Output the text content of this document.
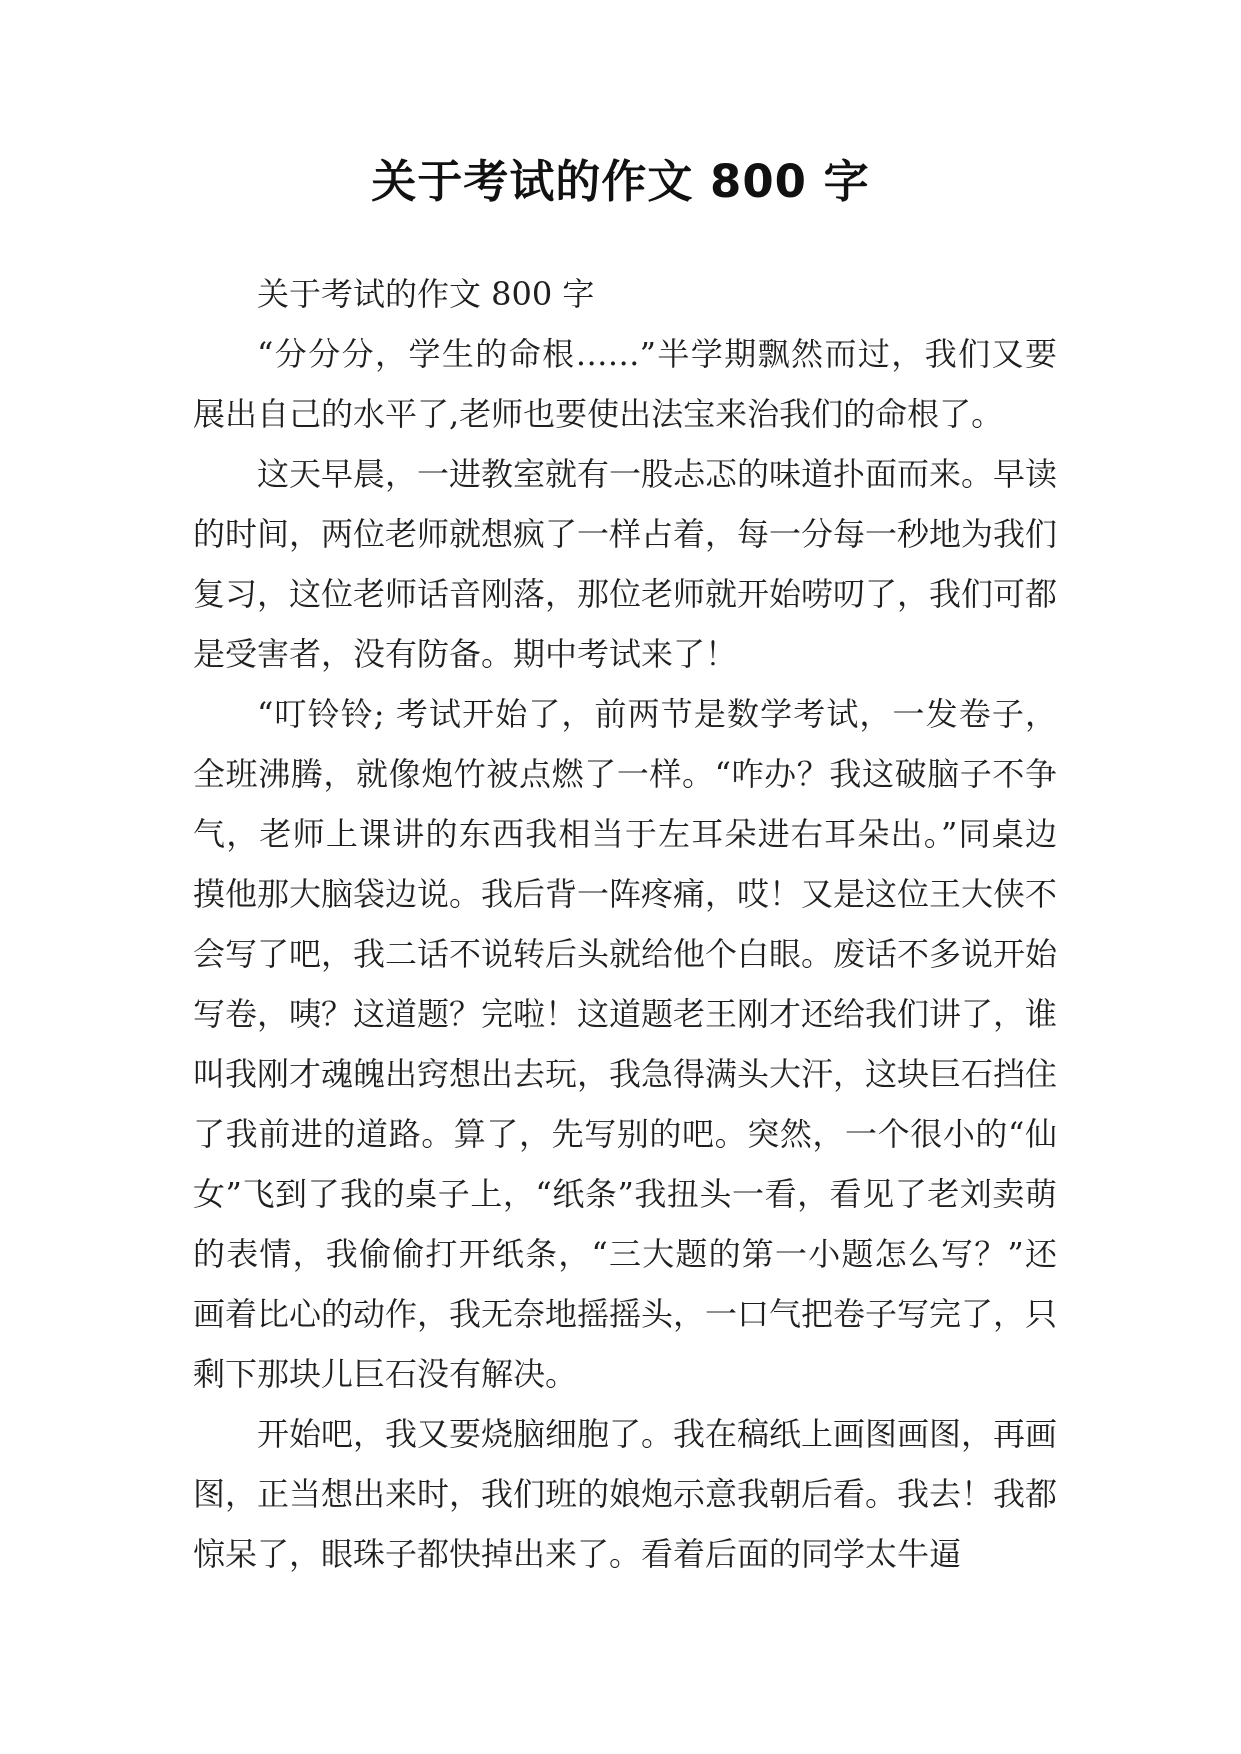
关于考试的作文 800 字

关于考试的作文 800 字

“分分分，学生的命根……”半学期飘然而过，我们又要展出自己的水平了,老师也要使出法宝来治我们的命根了。

这天早晨，一进教室就有一股忐忑的味道扑面而来。早读的时间，两位老师就想疯了一样占着，每一分每一秒地为我们复习，这位老师话音刚落，那位老师就开始唠叨了，我们可都是受害者，没有防备。期中考试来了！

“叮铃铃; 考试开始了，前两节是数学考试，一发卷子，全班沸腾，就像炮竹被点燃了一样。“咋办？我这破脑子不争气，老师上课讲的东西我相当于左耳朵进右耳朵出。”同桌边摸他那大脑袋边说。我后背一阵疼痛，哎！又是这位王大侠不会写了吧，我二话不说转后头就给他个白眼。废话不多说开始写卷，咦？这道题？完啦！这道题老王刚才还给我们讲了，谁叫我刚才魂魄出窍想出去玩，我急得满头大汗，这块巨石挡住了我前进的道路。算了，先写别的吧。突然，一个很小的“仙女”飞到了我的桌子上，“纸条”我扭头一看，看见了老刘卖萌的表情，我偷偷打开纸条，“三大题的第一小题怎么写？”还画着比心的动作，我无奈地摇摇头，一口气把卷子写完了，只剩下那块儿巨石没有解决。

开始吧，我又要烧脑细胞了。我在稿纸上画图画图，再画图，正当想出来时，我们班的娘炮示意我朝后看。我去！我都惊呆了，眼珠子都快掉出来了。看着后面的同学太牛逼
